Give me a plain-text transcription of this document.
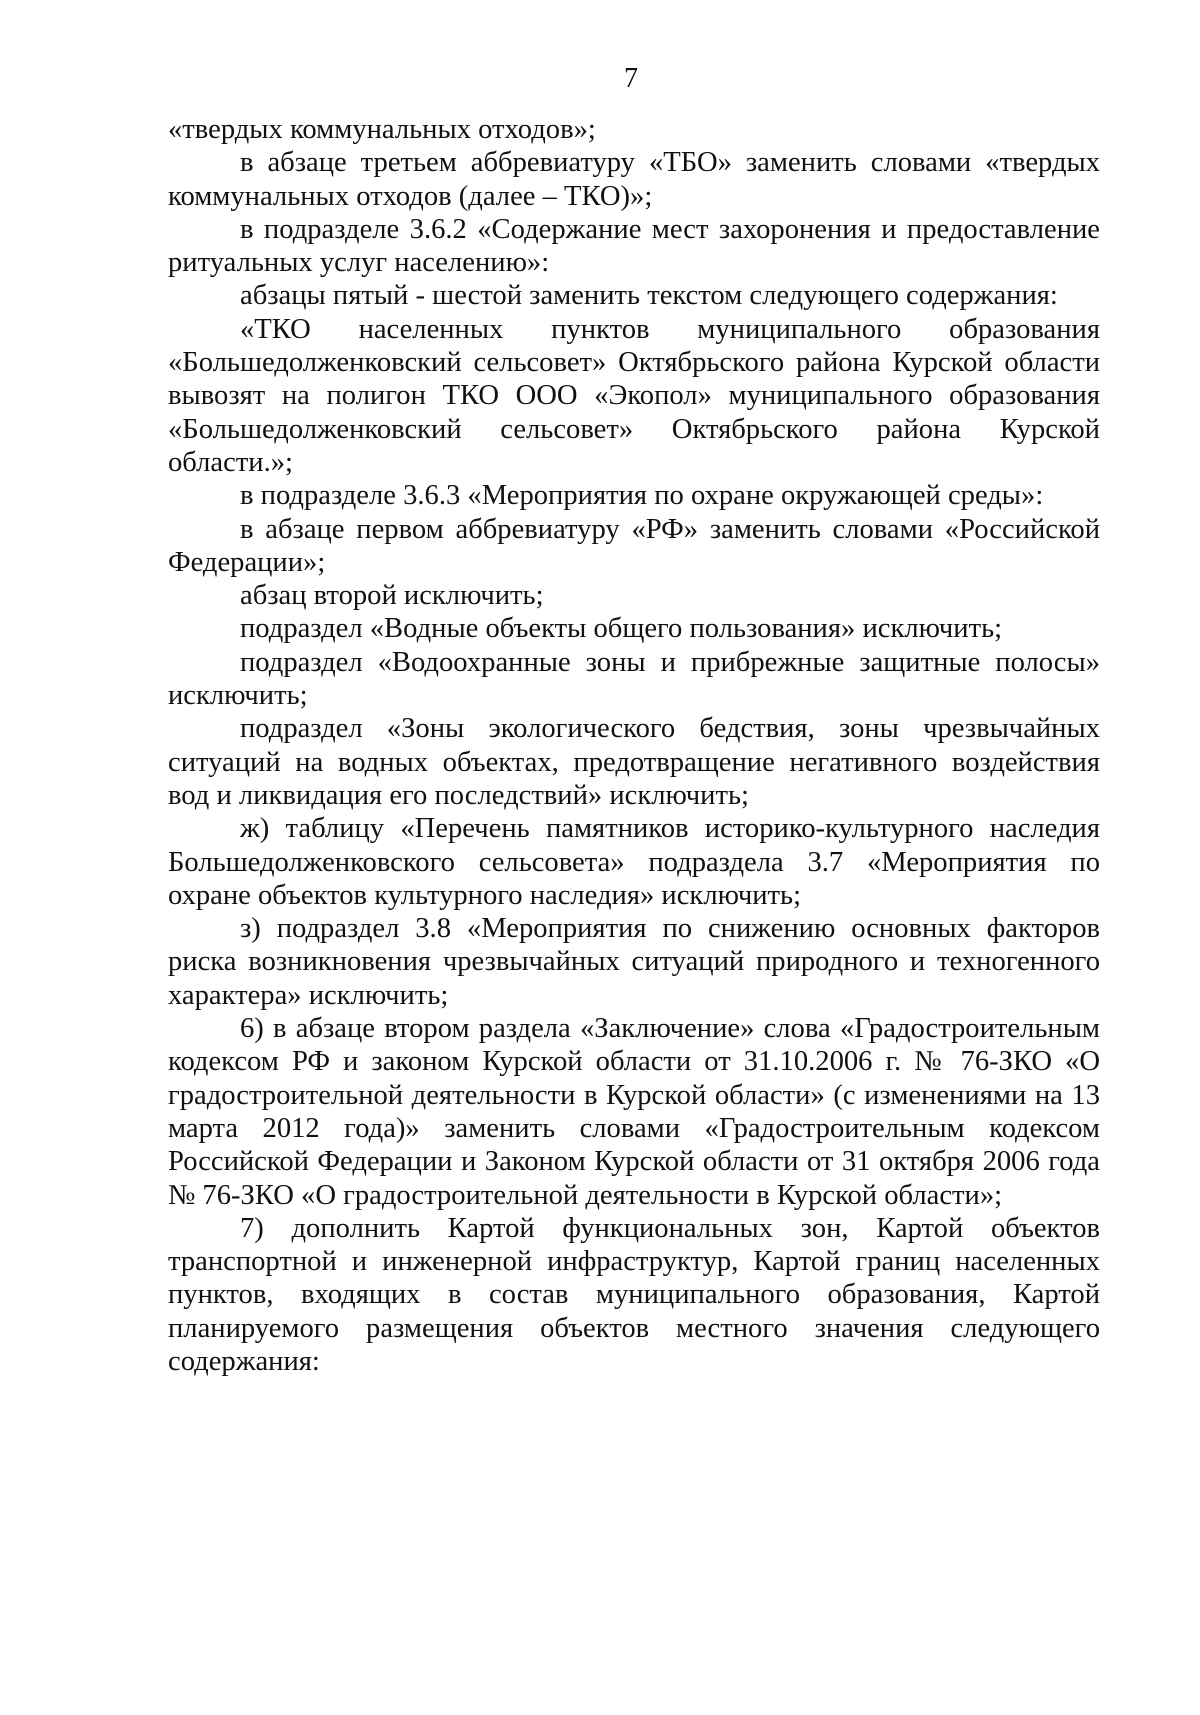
7

«твердых коммунальных отходов»;

в абзаце третьем аббревиатуру «ТБО» заменить словами «твердых коммунальных отходов (далее – ТКО)»;

в подразделе 3.6.2 «Содержание мест захоронения и предоставление ритуальных услуг населению»:

абзацы пятый - шестой заменить текстом следующего содержания:

«ТКО населенных пунктов муниципального образования «Большедолженковский сельсовет» Октябрьского района Курской области вывозят на полигон ТКО ООО «Экопол» муниципального образования «Большедолженковский сельсовет» Октябрьского района Курской области.»;

в подразделе 3.6.3 «Мероприятия по охране окружающей среды»:

в абзаце первом аббревиатуру «РФ» заменить словами «Российской Федерации»;

абзац второй исключить;

подраздел «Водные объекты общего пользования» исключить;

подраздел «Водоохранные зоны и прибрежные защитные полосы» исключить;

подраздел «Зоны экологического бедствия, зоны чрезвычайных ситуаций на водных объектах, предотвращение негативного воздействия вод и ликвидация его последствий» исключить;

ж) таблицу «Перечень памятников историко-культурного наследия Большедолженковского сельсовета» подраздела 3.7 «Мероприятия по охране объектов культурного наследия» исключить;

з) подраздел 3.8 «Мероприятия по снижению основных факторов риска возникновения чрезвычайных ситуаций природного и техногенного характера» исключить;

6) в абзаце втором раздела «Заключение» слова «Градостроительным кодексом РФ и законом Курской области от 31.10.2006 г. № 76-ЗКО «О градостроительной деятельности в Курской области» (с изменениями на 13 марта 2012 года)» заменить словами «Градостроительным кодексом Российской Федерации и Законом Курской области от 31 октября 2006 года № 76-ЗКО «О градостроительной деятельности в Курской области»;

7) дополнить Картой функциональных зон, Картой объектов транспортной и инженерной инфраструктур, Картой границ населенных пунктов, входящих в состав муниципального образования, Картой планируемого размещения объектов местного значения следующего содержания:
